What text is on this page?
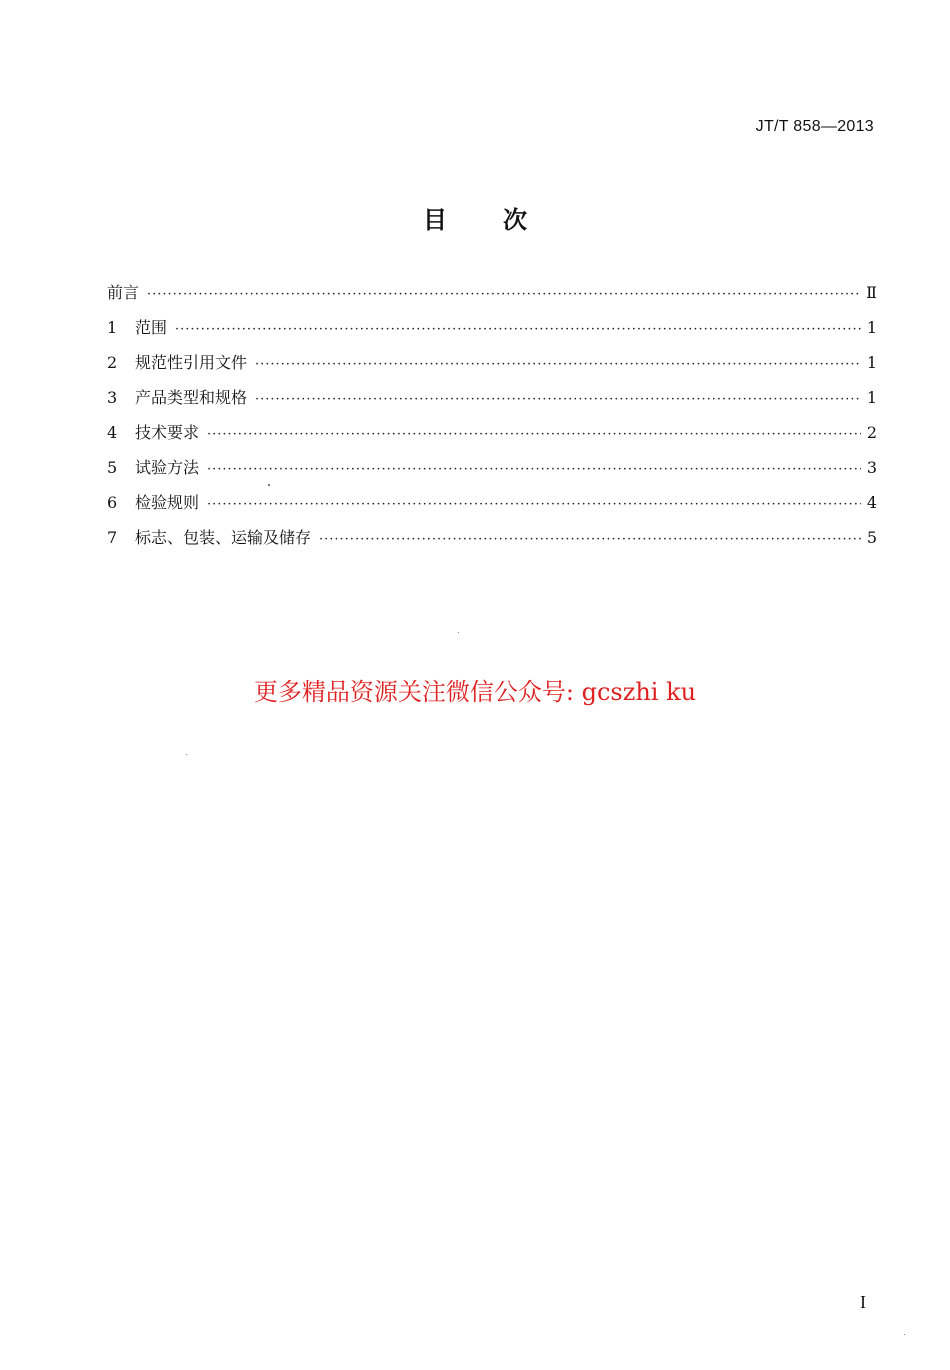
JT/T 858—2013
目 次
前言 ·····	Ⅱ
1	范围 ·····	1
2	规范性引用文件 ·····	1
3	产品类型和规格 ·····	1
4	技术要求 ·····	2
5	试验方法 ·····	3
6	检验规则 ·····	4
7	标志、包装、运输及储存 ·····	5
更多精品资源关注微信公众号: gcszhi ku
I
